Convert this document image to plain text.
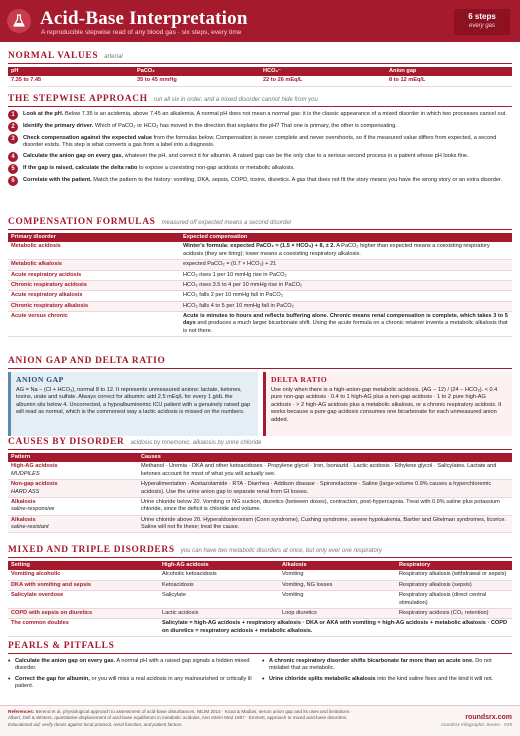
Acid-Base Interpretation
A reproducible stepwise read of any blood gas · six steps, every time
6 steps
every gas
NORMAL VALUES arterial
pH	PaCO₂	HCO₃⁻	Anion gap
7.35 to 7.45	35 to 45 mmHg	22 to 26 mEq/L	8 to 12 mEq/L
THE STEPWISE APPROACH run all six in order, and a mixed disorder cannot hide from you
1	Look at the pH. Below 7.35 is an acidemia, above 7.45 an alkalemia. A normal pH does not mean a normal gas: it is the classic appearance of a mixed disorder in which two processes cancel out.
2	Identify the primary driver. Which of PaCO₂ or HCO₃ has moved in the direction that explains the pH? That one is primary, the other is compensating.
3	Check compensation against the expected value from the formulas below. Compensation is never complete and never overshoots, so if the measured value differs from expected, a second disorder exists. This step is what converts a gas from a label into a diagnosis.
4	Calculate the anion gap on every gas, whatever the pH, and correct it for albumin. A raised gap can be the only clue to a serious second process in a patient whose pH looks fine.
5	If the gap is raised, calculate the delta ratio to expose a coexisting non-gap acidosis or metabolic alkalosis.
6	Correlate with the patient. Match the pattern to the history: vomiting, DKA, sepsis, COPD, toxins, diuretics. A gas that does not fit the story means you have the wrong story or an extra disorder.
COMPENSATION FORMULAS measured off expected means a second disorder
Primary disorder	Expected compensation
Metabolic acidosis	Winter's formula: expected PaCO₂ = (1.5 × HCO₃) + 8, ± 2. A PaCO₂ higher than expected means a coexisting respiratory acidosis (they are tiring); lower means a coexisting respiratory alkalosis.
Metabolic alkalosis	expected PaCO₂ = (0.7 × HCO₃) + 21
Acute respiratory acidosis	HCO₃ rises 1 per 10 mmHg rise in PaCO₂
Chronic respiratory acidosis	HCO₃ rises 3.5 to 4 per 10 mmHg rise in PaCO₂
Acute respiratory alkalosis	HCO₃ falls 2 per 10 mmHg fall in PaCO₂
Chronic respiratory alkalosis	HCO₃ falls 4 to 5 per 10 mmHg fall in PaCO₂
Acute versus chronic	Acute is minutes to hours and reflects buffering alone. Chronic means renal compensation is complete, which takes 3 to 5 days and produces a much larger bicarbonate shift. Using the acute formula on a chronic retainer invents a metabolic alkalosis that is not there.
ANION GAP AND DELTA RATIO
ANION GAP
AG = Na − (Cl + HCO₃), normal 8 to 12. It represents unmeasured anions: lactate, ketones, toxins, urate and sulfate. Always correct for albumin: add 2.5 mEq/L for every 1 g/dL the albumin sits below 4. Uncorrected, a hypoalbuminemic ICU patient with a genuinely raised gap will read as normal, which is the commonest way a lactic acidosis is missed on the numbers.
DELTA RATIO
Use only when there is a high-anion-gap metabolic acidosis. (AG − 12) / (24 − HCO₃). < 0.4 pure non-gap acidosis · 0.4 to 1 high-AG plus a non-gap acidosis · 1 to 2 pure high-AG acidosis · > 2 high-AG acidosis plus a metabolic alkalosis, or a chronic respiratory acidosis. It works because a pure gap acidosis consumes one bicarbonate for each unmeasured anion added.
CAUSES BY DISORDER acidosis by mnemonic, alkalosis by urine chloride
Pattern	Causes

High-AG acidosis
MUDPILES	Methanol · Uremia · DKA and other ketoacidoses · Propylene glycol · Iron, Isoniazid · Lactic acidosis · Ethylene glycol · Salicylates. Lactate and ketones account for most of what you will actually see.

Non-gap acidosis
HARD ASS	Hyperalimentation · Acetazolamide · RTA · Diarrhea · Addison disease · Spironolactone · Saline (large-volume 0.9% causes a hyperchloremic acidosis). Use the urine anion gap to separate renal from GI losses.

Alkalosis
saline-responsive	Urine chloride below 20. Vomiting or NG suction, diuretics (between doses), contraction, post-hypercapnia. Treat with 0.9% saline plus potassium chloride, since the deficit is chloride and volume.

Alkalosis
saline-resistant	Urine chloride above 20. Hyperaldosteronism (Conn syndrome), Cushing syndrome, severe hypokalemia, Bartter and Gitelman syndromes, licorice. Saline will not fix these; treat the cause.
MIXED AND TRIPLE DISORDERS you can have two metabolic disorders at once, but only ever one respiratory
Setting	High-AG acidosis	Alkalosis	Respiratory
Vomiting alcoholic	Alcoholic ketoacidosis	Vomiting	Respiratory alkalosis (withdrawal or sepsis)
DKA with vomiting and sepsis	Ketoacidosis	Vomiting, NG losses	Respiratory alkalosis (sepsis)
Salicylate overdose	Salicylate	Vomiting	Respiratory alkalosis (direct central stimulation)
COPD with sepsis on diuretics	Lactic acidosis	Loop diuretics	Respiratory acidosis (CO₂ retention)
The common doubles	Salicylate = high-AG acidosis + respiratory alkalosis · DKA or AKA with vomiting = high-AG acidosis + metabolic alkalosis · COPD on diuretics = respiratory acidosis + metabolic alkalosis.		
PEARLS & PITFALLS
• Calculate the anion gap on every gas. A normal pH with a raised gap signals a hidden mixed disorder.
• Correct the gap for albumin, or you will miss a real acidosis in any malnourished or critically ill patient.
• A chronic respiratory disorder shifts bicarbonate far more than an acute one. Do not mislabel that as metabolic.
• Urine chloride splits metabolic alkalosis into the kind saline fixes and the kind it will not.
References: Berend et al, physiological approach to assessment of acid-base disturbances, NEJM 2014 · Kraut & Madias, serum anion gap and its uses and limitations ·
Albert, Dell & Winters, quantitative displacement of acid-base equilibrium in metabolic acidosis, Ann Intern Med 1967 · Emmett, approach to mixed acid-base disorders.
Educational aid; verify doses against local protocol, renal function, and patient factors.
roundsrx.com
roundsrx Infographic Series · #35
